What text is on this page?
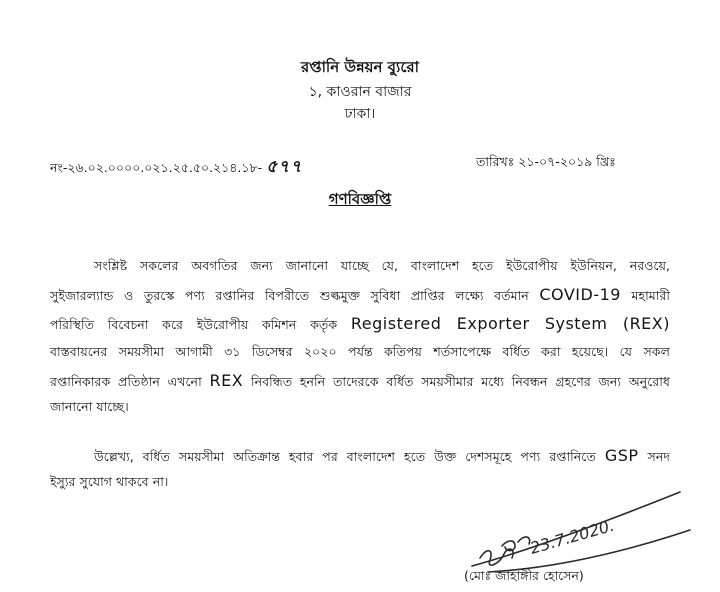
রপ্তানি উন্নয়ন ব্যুরো
১, কাওরান বাজার
ঢাকা।
নং-২৬.০২.০০০০.০২১.২৫.৫০.২১৪.১৮- ৫৭৭	তারিখঃ ২১-০৭-২০১৯ খ্রিঃ
গণবিজ্ঞপ্তি
সংশ্লিষ্ট সকলের অবগতির জন্য জানানো যাচ্ছে যে, বাংলাদেশ হতে ইউরোপীয় ইউনিয়ন, নরওয়ে,
সুইজারল্যান্ড ও তুরস্কে পণ্য রপ্তানির বিপরীতে শুল্কমুক্ত সুবিধা প্রাপ্তির লক্ষ্যে বর্তমান COVID-19 মহামারী
পরিস্থিতি বিবেচনা করে ইউরোপীয় কমিশন কর্তৃক Registered Exporter System (REX)
বাস্তবায়নের সময়সীমা আগামী ৩১ ডিসেম্বর ২০২০ পর্যন্ত কতিপয় শর্তসাপেক্ষে বর্ধিত করা হয়েছে। যে সকল
রপ্তানিকারক প্রতিষ্ঠান এখনো REX নিবন্ধিত হননি তাদেরকে বর্ধিত সময়সীমার মধ্যে নিবন্ধন গ্রহণের জন্য অনুরোধ
জানানো যাচ্ছে।
উল্লেখ্য, বর্ধিত সময়সীমা অতিক্রান্ত হবার পর বাংলাদেশ হতে উক্ত দেশসমূহে পণ্য রপ্তানিতে GSP সনদ
ইস্যুর সুযোগ থাকবে না।
23.7.2020.
(মোঃ জাহাঙ্গীর হোসেন)
